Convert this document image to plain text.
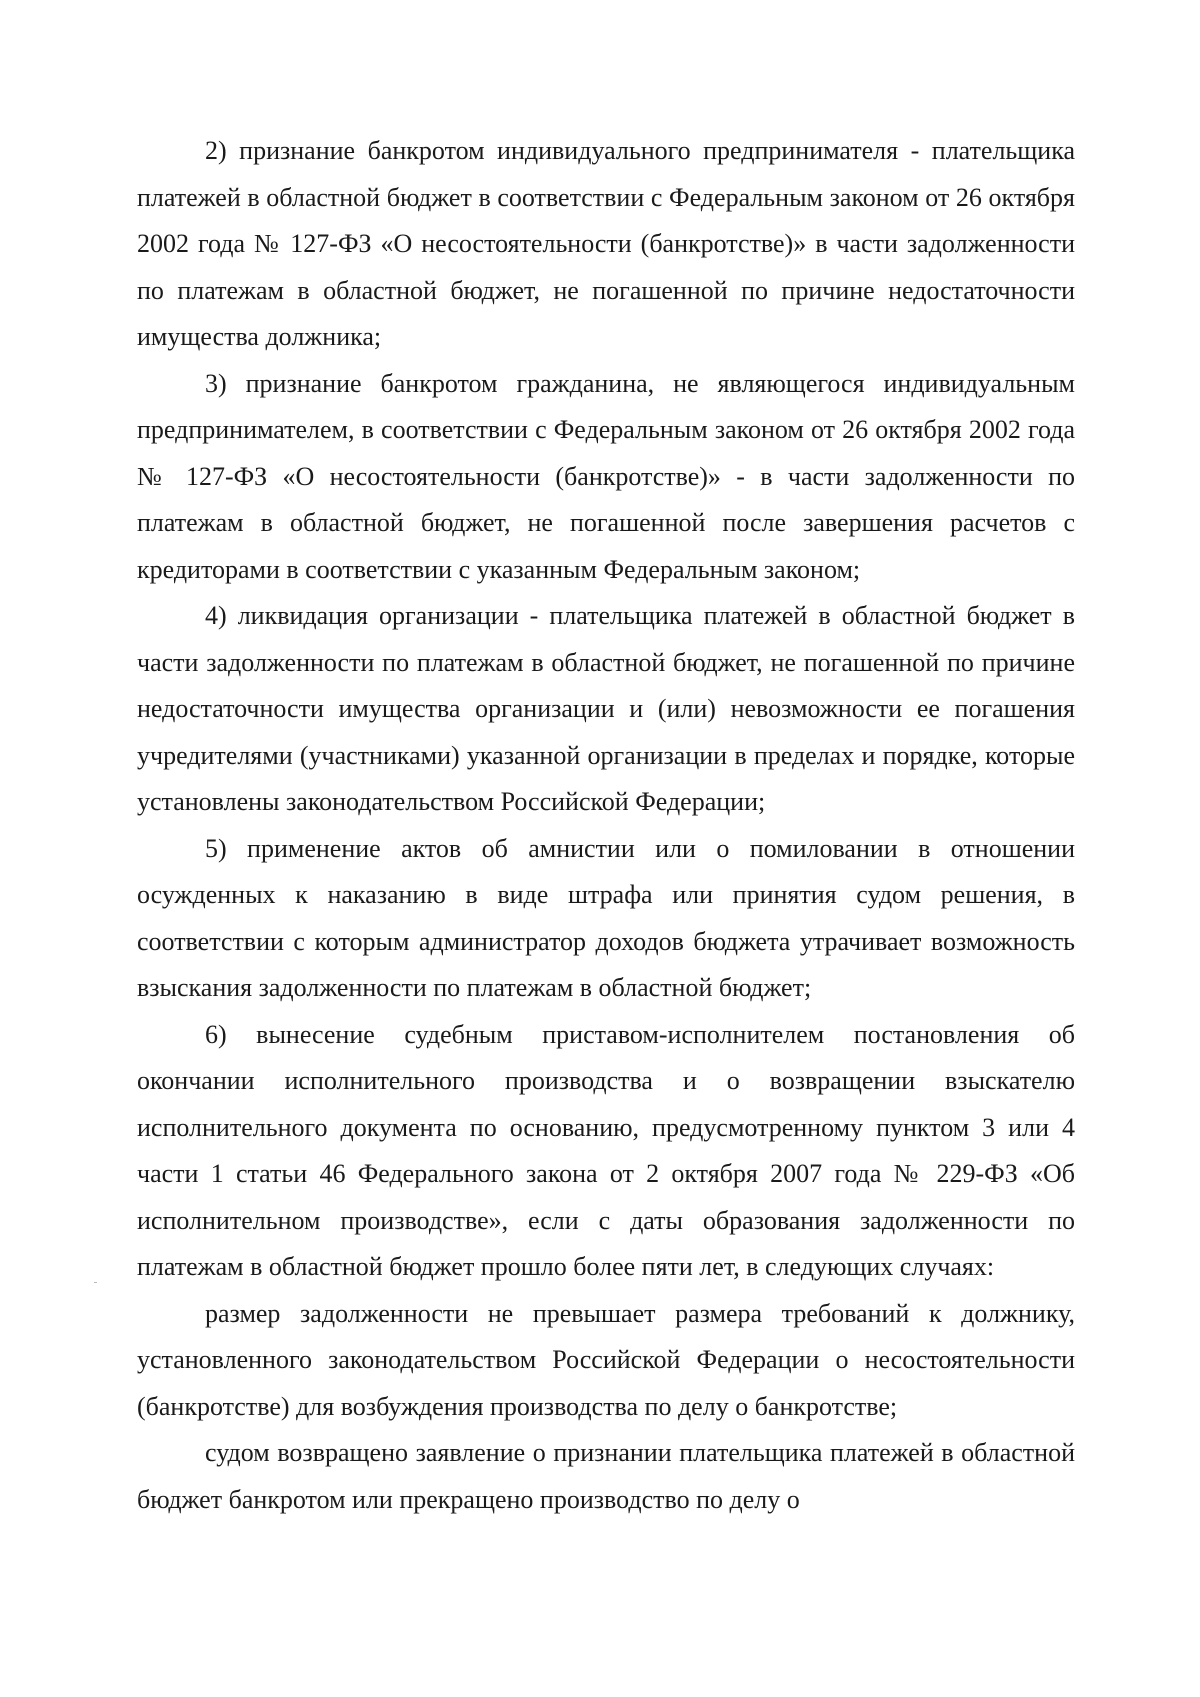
2) признание банкротом индивидуального предпринимателя - плательщика платежей в областной бюджет в соответствии с Федеральным законом от 26 октября 2002 года № 127-ФЗ «О несостоятельности (банкротстве)» в части задолженности по платежам в областной бюджет, не погашенной по причине недостаточности имущества должника;

3) признание банкротом гражданина, не являющегося индивидуальным предпринимателем, в соответствии с Федеральным законом от 26 октября 2002 года № 127-ФЗ «О несостоятельности (банкротстве)» - в части задолженности по платежам в областной бюджет, не погашенной после завершения расчетов с кредиторами в соответствии с указанным Федеральным законом;

4) ликвидация организации - плательщика платежей в областной бюджет в части задолженности по платежам в областной бюджет, не погашенной по причине недостаточности имущества организации и (или) невозможности ее погашения учредителями (участниками) указанной организации в пределах и порядке, которые установлены законодательством Российской Федерации;

5) применение актов об амнистии или о помиловании в отношении осужденных к наказанию в виде штрафа или принятия судом решения, в соответствии с которым администратор доходов бюджета утрачивает возможность взыскания задолженности по платежам в областной бюджет;

6) вынесение судебным приставом-исполнителем постановления об окончании исполнительного производства и о возвращении взыскателю исполнительного документа по основанию, предусмотренному пунктом 3 или 4 части 1 статьи 46 Федерального закона от 2 октября 2007 года № 229-ФЗ «Об исполнительном производстве», если с даты образования задолженности по платежам в областной бюджет прошло более пяти лет, в следующих случаях:

размер задолженности не превышает размера требований к должнику, установленного законодательством Российской Федерации о несостоятельности (банкротстве) для возбуждения производства по делу о банкротстве;

судом возвращено заявление о признании плательщика платежей в областной бюджет банкротом или прекращено производство по делу о
